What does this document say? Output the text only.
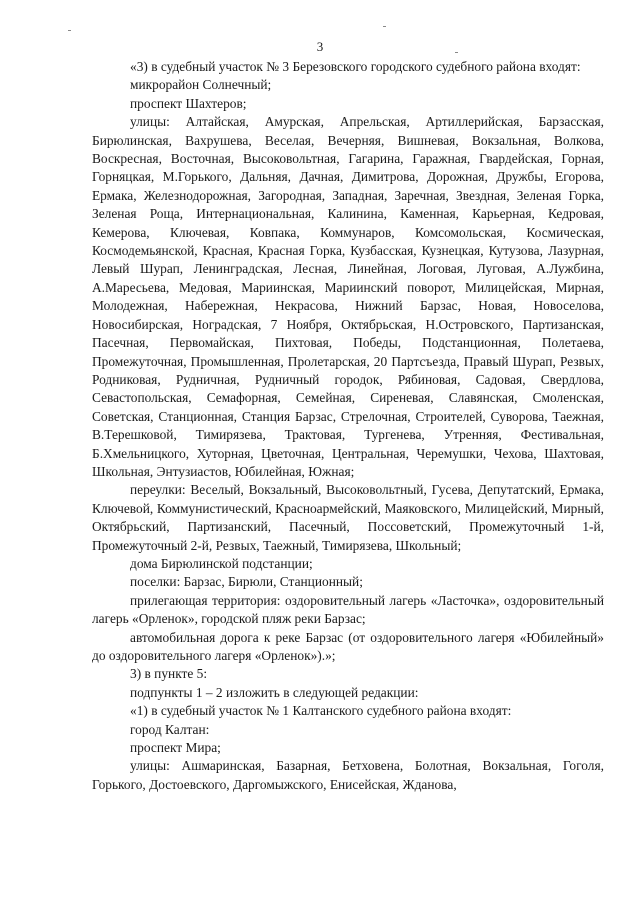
3

«3) в судебный участок № 3 Березовского городского судебного района входят:

микрорайон Солнечный;

проспект Шахтеров;

улицы: Алтайская, Амурская, Апрельская, Артиллерийская, Барзасская, Бирюлинская, Вахрушева, Веселая, Вечерняя, Вишневая, Вокзальная, Волкова, Воскресная, Восточная, Высоковольтная, Гагарина, Гаражная, Гвардейская, Горная, Горняцкая, М.Горького, Дальняя, Дачная, Димитрова, Дорожная, Дружбы, Егорова, Ермака, Железнодорожная, Загородная, Западная, Заречная, Звездная, Зеленая Горка, Зеленая Роща, Интернациональная, Калинина, Каменная, Карьерная, Кедровая, Кемерова, Ключевая, Ковпака, Коммунаров, Комсомольская, Космическая, Космодемьянской, Красная, Красная Горка, Кузбасская, Кузнецкая, Кутузова, Лазурная, Левый Шурап, Ленинградская, Лесная, Линейная, Логовая, Луговая, А.Лужбина, А.Маресьева, Медовая, Мариинская, Мариинский поворот, Милицейская, Мирная, Молодежная, Набережная, Некрасова, Нижний Барзас, Новая, Новоселова, Новосибирская, Ноградская, 7 Ноября, Октябрьская, Н.Островского, Партизанская, Пасечная, Первомайская, Пихтовая, Победы, Подстанционная, Полетаева, Промежуточная, Промышленная, Пролетарская, 20 Партсъезда, Правый Шурап, Резвых, Родниковая, Рудничная, Рудничный городок, Рябиновая, Садовая, Свердлова, Севастопольская, Семафорная, Семейная, Сиреневая, Славянская, Смоленская, Советская, Станционная, Станция Барзас, Стрелочная, Строителей, Суворова, Таежная, В.Терешковой, Тимирязева, Трактовая, Тургенева, Утренняя, Фестивальная, Б.Хмельницкого, Хуторная, Цветочная, Центральная, Черемушки, Чехова, Шахтовая, Школьная, Энтузиастов, Юбилейная, Южная;

переулки: Веселый, Вокзальный, Высоковольтный, Гусева, Депутатский, Ермака, Ключевой, Коммунистический, Красноармейский, Маяковского, Милицейский, Мирный, Октябрьский, Партизанский, Пасечный, Поссоветский, Промежуточный 1-й, Промежуточный 2-й, Резвых, Таежный, Тимирязева, Школьный;

дома Бирюлинской подстанции;

поселки: Барзас, Бирюли, Станционный;

прилегающая территория: оздоровительный лагерь «Ласточка», оздоровительный лагерь «Орленок», городской пляж реки Барзас;

автомобильная дорога к реке Барзас (от оздоровительного лагеря «Юбилейный» до оздоровительного лагеря «Орленок»).»;

3) в пункте 5:

подпункты 1 – 2 изложить в следующей редакции:

«1) в судебный участок № 1 Калтанского судебного района входят:

город Калтан:

проспект Мира;

улицы: Ашмаринская, Базарная, Бетховена, Болотная, Вокзальная, Гоголя, Горького, Достоевского, Даргомыжского, Енисейская, Жданова,
